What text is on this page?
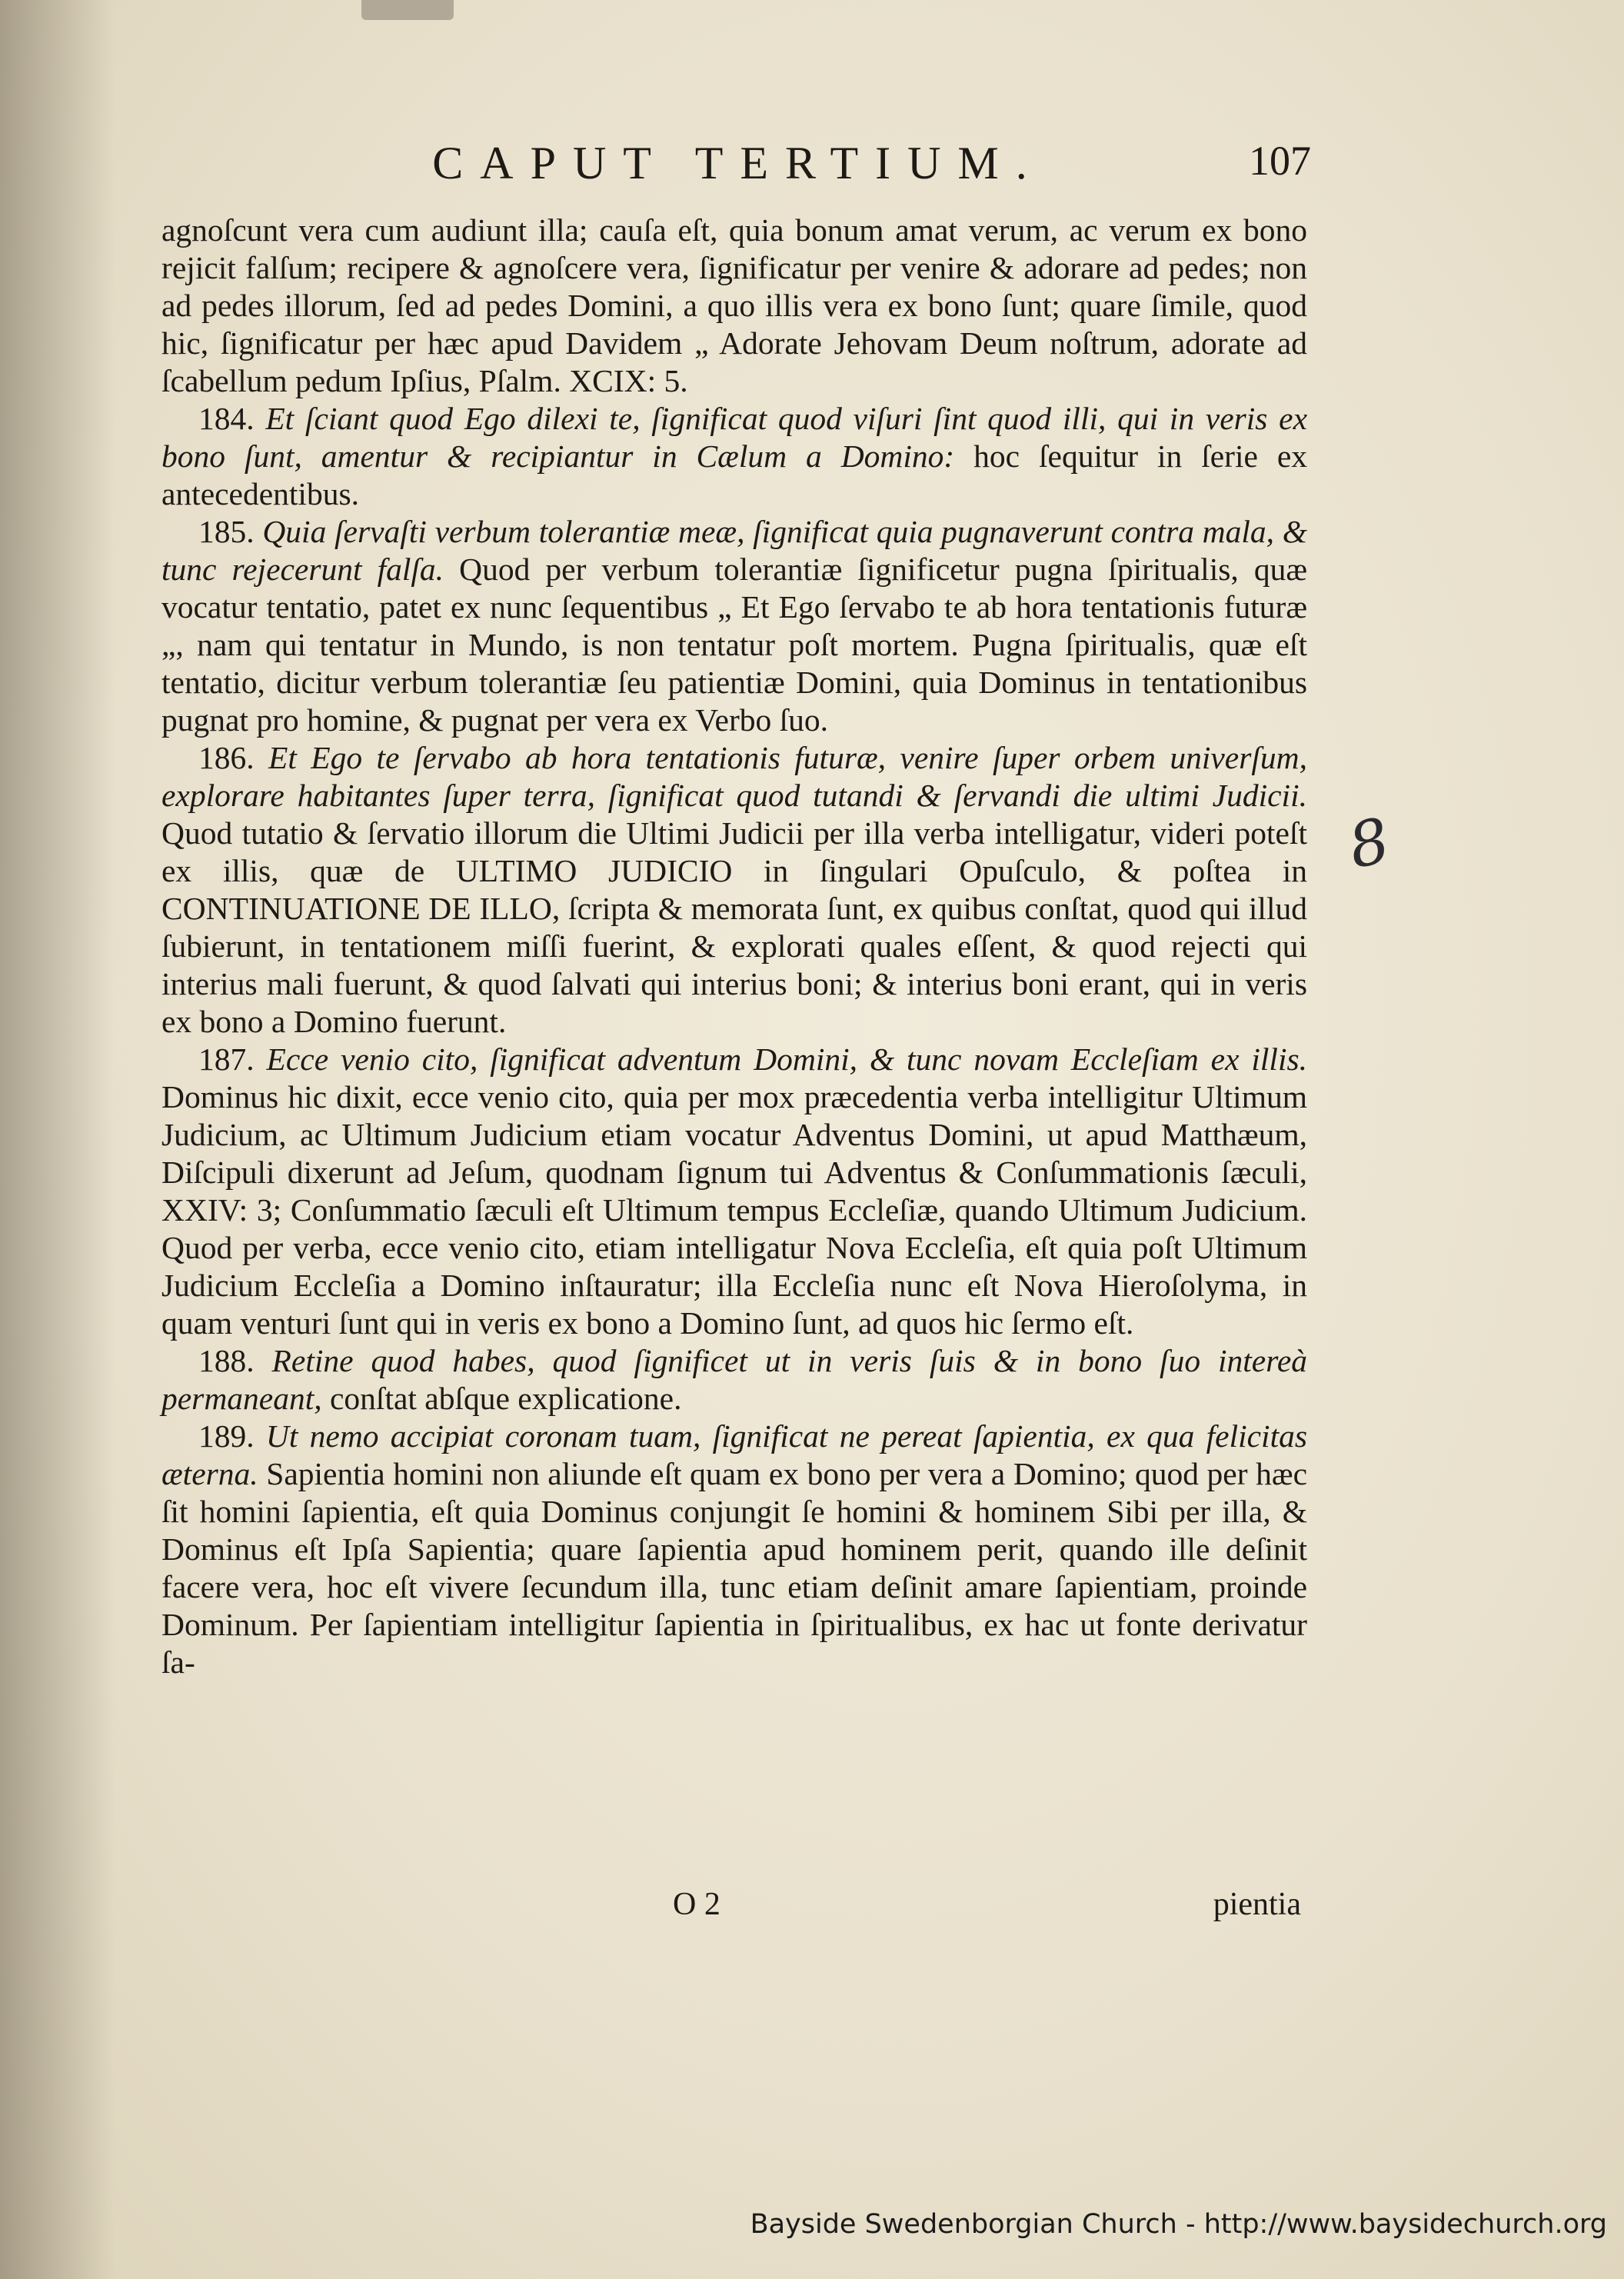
CAPUT TERTIUM.	107

agnoſcunt vera cum audiunt illa; cauſa eſt, quia bonum amat verum, ac verum ex bono rejicit falſum; recipere & agnoſcere vera, ſignificatur per venire & adorare ad pedes; non ad pedes illorum, ſed ad pedes Domini, a quo illis vera ex bono ſunt; quare ſimile, quod hic, ſignificatur per hæc apud Davidem „ Adorate Jehovam Deum noſtrum, adorate ad ſcabellum pedum Ipſius, Pſalm. XCIX: 5.

184. Et ſciant quod Ego dilexi te, ſignificat quod viſuri ſint quod illi, qui in veris ex bono ſunt, amentur & recipiantur in Cælum a Domino: hoc ſequitur in ſerie ex antecedentibus.

185. Quia ſervaſti verbum tolerantiæ meæ, ſignificat quia pugnaverunt contra mala, & tunc rejecerunt falſa. Quod per verbum tolerantiæ ſignificetur pugna ſpiritualis, quæ vocatur tentatio, patet ex nunc ſequentibus „ Et Ego ſervabo te ab hora tentationis futuræ „, nam qui tentatur in Mundo, is non tentatur poſt mortem. Pugna ſpiritualis, quæ eſt tentatio, dicitur verbum tolerantiæ ſeu patientiæ Domini, quia Dominus in tentationibus pugnat pro homine, & pugnat per vera ex Verbo ſuo.

186. Et Ego te ſervabo ab hora tentationis futuræ, venire ſuper orbem univerſum, explorare habitantes ſuper terra, ſignificat quod tutandi & ſervandi die ultimi Judicii. Quod tutatio & ſervatio illorum die Ultimi Judicii per illa verba intelligatur, videri poteſt ex illis, quæ de ULTIMO JUDICIO in ſingulari Opuſculo, & poſtea in CONTINUATIONE DE ILLO, ſcripta & memorata ſunt, ex quibus conſtat, quod qui illud ſubierunt, in tentationem miſſi fuerint, & explorati quales eſſent, & quod rejecti qui interius mali fuerunt, & quod ſalvati qui interius boni; & interius boni erant, qui in veris ex bono a Domino fuerunt.

187. Ecce venio cito, ſignificat adventum Domini, & tunc novam Eccleſiam ex illis. Dominus hic dixit, ecce venio cito, quia per mox præcedentia verba intelligitur Ultimum Judicium, ac Ultimum Judicium etiam vocatur Adventus Domini, ut apud Matthæum, Diſcipuli dixerunt ad Jeſum, quodnam ſignum tui Adventus & Conſummationis ſæculi, XXIV: 3; Conſummatio ſæculi eſt Ultimum tempus Eccleſiæ, quando Ultimum Judicium. Quod per verba, ecce venio cito, etiam intelligatur Nova Eccleſia, eſt quia poſt Ultimum Judicium Eccleſia a Domino inſtauratur; illa Eccleſia nunc eſt Nova Hieroſolyma, in quam venturi ſunt qui in veris ex bono a Domino ſunt, ad quos hic ſermo eſt.

188. Retine quod habes, quod ſignificet ut in veris ſuis & in bono ſuo intereà permaneant, conſtat abſque explicatione.

189. Ut nemo accipiat coronam tuam, ſignificat ne pereat ſapientia, ex qua felicitas æterna. Sapientia homini non aliunde eſt quam ex bono per vera a Domino; quod per hæc ſit homini ſapientia, eſt quia Dominus conjungit ſe homini & hominem Sibi per illa, & Dominus eſt Ipſa Sapientia; quare ſapientia apud hominem perit, quando ille deſinit facere vera, hoc eſt vivere ſecundum illa, tunc etiam deſinit amare ſapientiam, proinde Dominum. Per ſapientiam intelligitur ſapientia in ſpiritualibus, ex hac ut fonte derivatur ſa-

O 2	pientia
8
Bayside Swedenborgian Church - http://www.baysidechurch.org
